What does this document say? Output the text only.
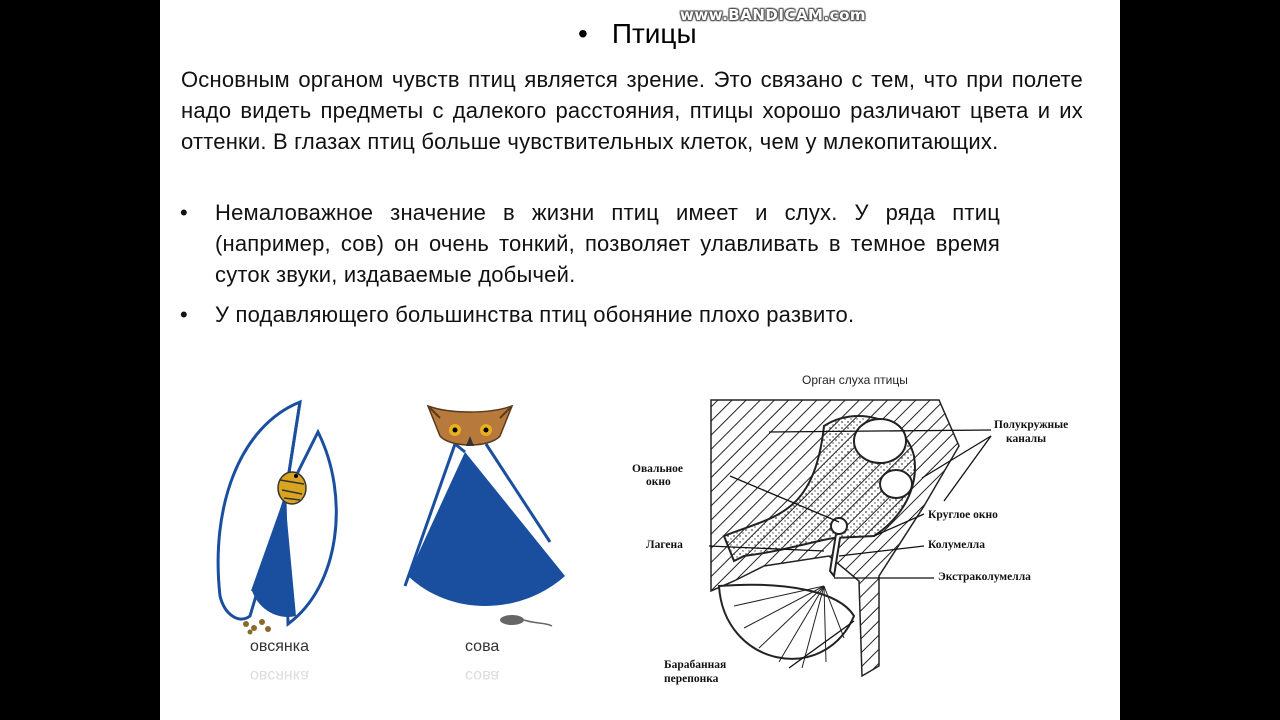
www.BANDICAM.com
• Птицы
Основным органом чувств птиц является зрение. Это связано с тем, что при полете надо видеть предметы с далекого расстояния, птицы хорошо различают цвета и их оттенки. В глазах птиц больше чувствительных клеток, чем у млекопитающих.
• Немаловажное значение в жизни птиц имеет и слух. У ряда птиц (например, сов) он очень тонкий, позволяет улавливать в темное время суток звуки, издаваемые добычей.
• У подавляющего большинства птиц обоняние плохо развито.
овсянка
овсянка
сова
сова
Орган слуха птицы
Полукружные
каналы
Овальное
окно
Круглое окно
Лагена	Колумелла
Экстраколумелла
Барабанная
перепонка
